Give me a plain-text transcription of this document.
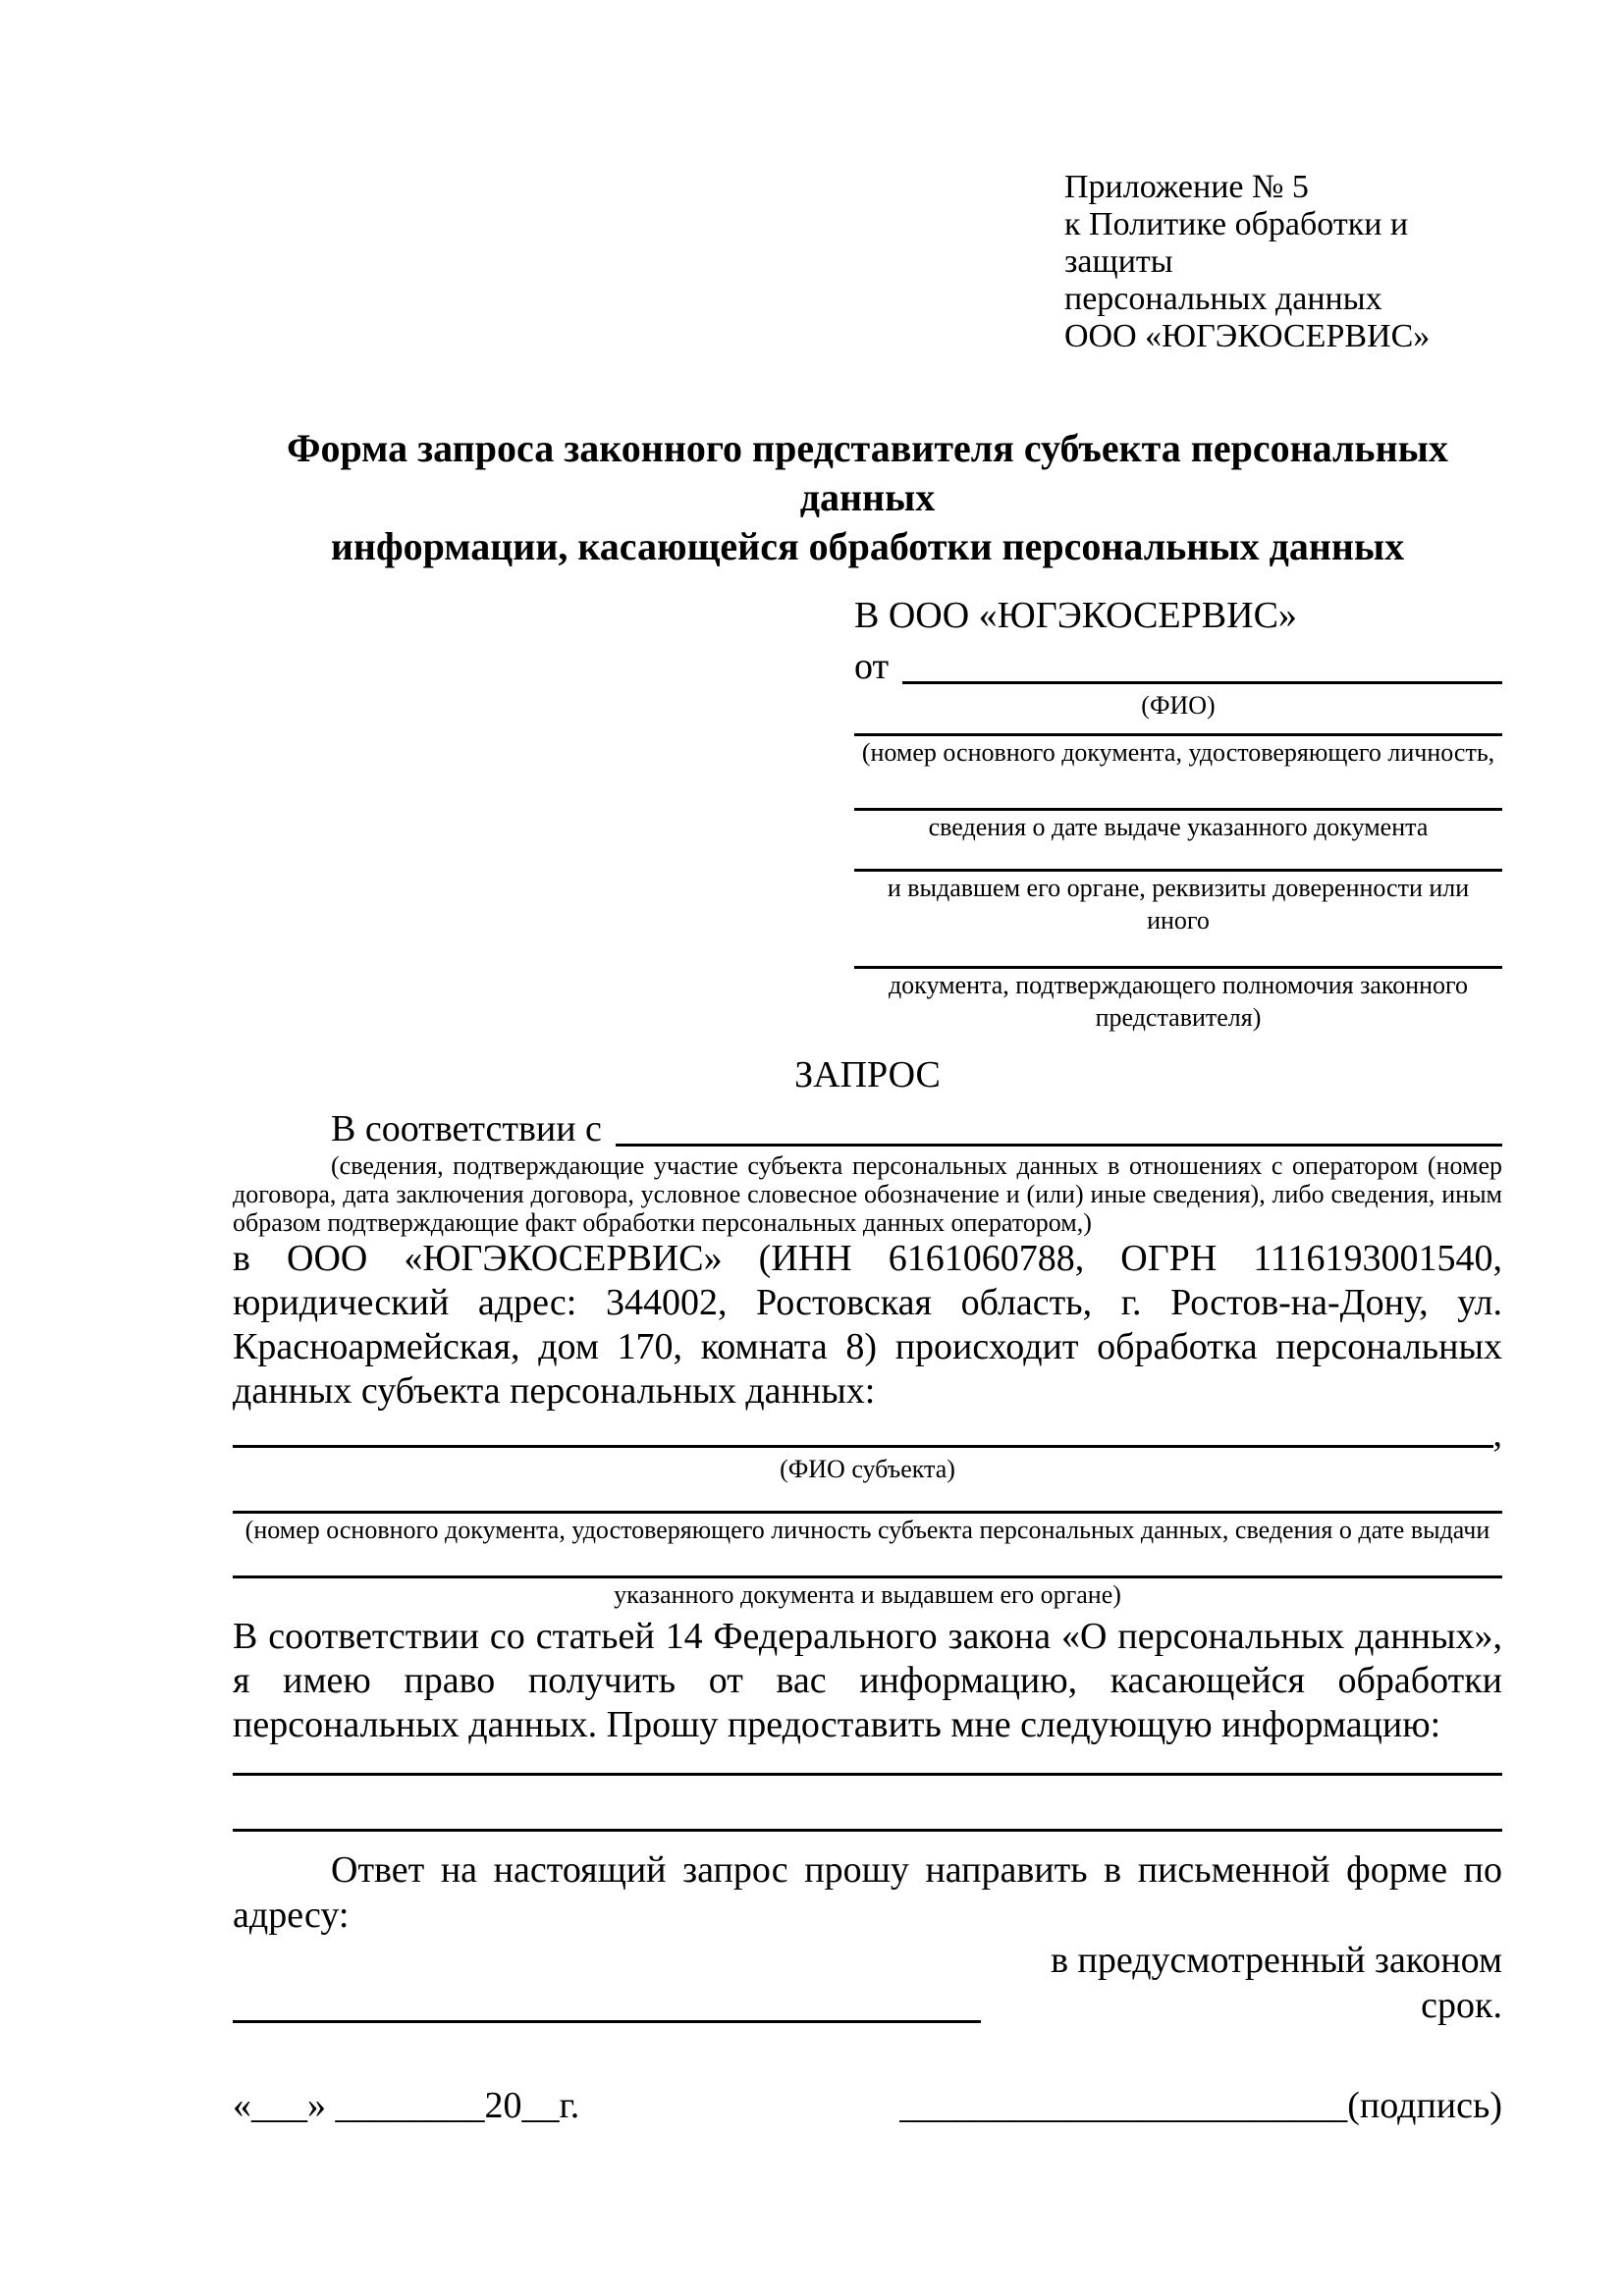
Приложение № 5
к Политике обработки и защиты
персональных данных
ООО «ЮГЭКОСЕРВИС»
Форма запроса законного представителя субъекта персональных данных
информации, касающейся обработки персональных данных
В ООО «ЮГЭКОСЕРВИС»
от
(ФИО)
(номер основного документа, удостоверяющего личность,
сведения о дате выдаче указанного документа
и выдавшем его органе, реквизиты доверенности или иного
документа, подтверждающего полномочия законного представителя)
ЗАПРОС
В соответствии с
(сведения, подтверждающие участие субъекта персональных данных в отношениях с оператором (номер договора, дата заключения договора, условное словесное обозначение и (или) иные сведения), либо сведения, иным образом подтверждающие факт обработки персональных данных оператором,)
в ООО «ЮГЭКОСЕРВИС» (ИНН 6161060788, ОГРН 1116193001540, юридический адрес: 344002, Ростовская область, г. Ростов-на-Дону, ул. Красноармейская, дом 170, комната 8) происходит обработка персональных данных субъекта персональных данных:
,
(ФИО субъекта)
(номер основного документа, удостоверяющего личность субъекта персональных данных, сведения о дате выдачи
указанного документа и выдавшем его органе)
В соответствии со статьей 14 Федерального закона «О персональных данных», я имею право получить от вас информацию, касающейся обработки персональных данных. Прошу предоставить мне следующую информацию:
Ответ на настоящий запрос прошу направить в письменной форме по адресу:
в предусмотренный законом срок.
«___» ________20__г.	________________________(подпись)
